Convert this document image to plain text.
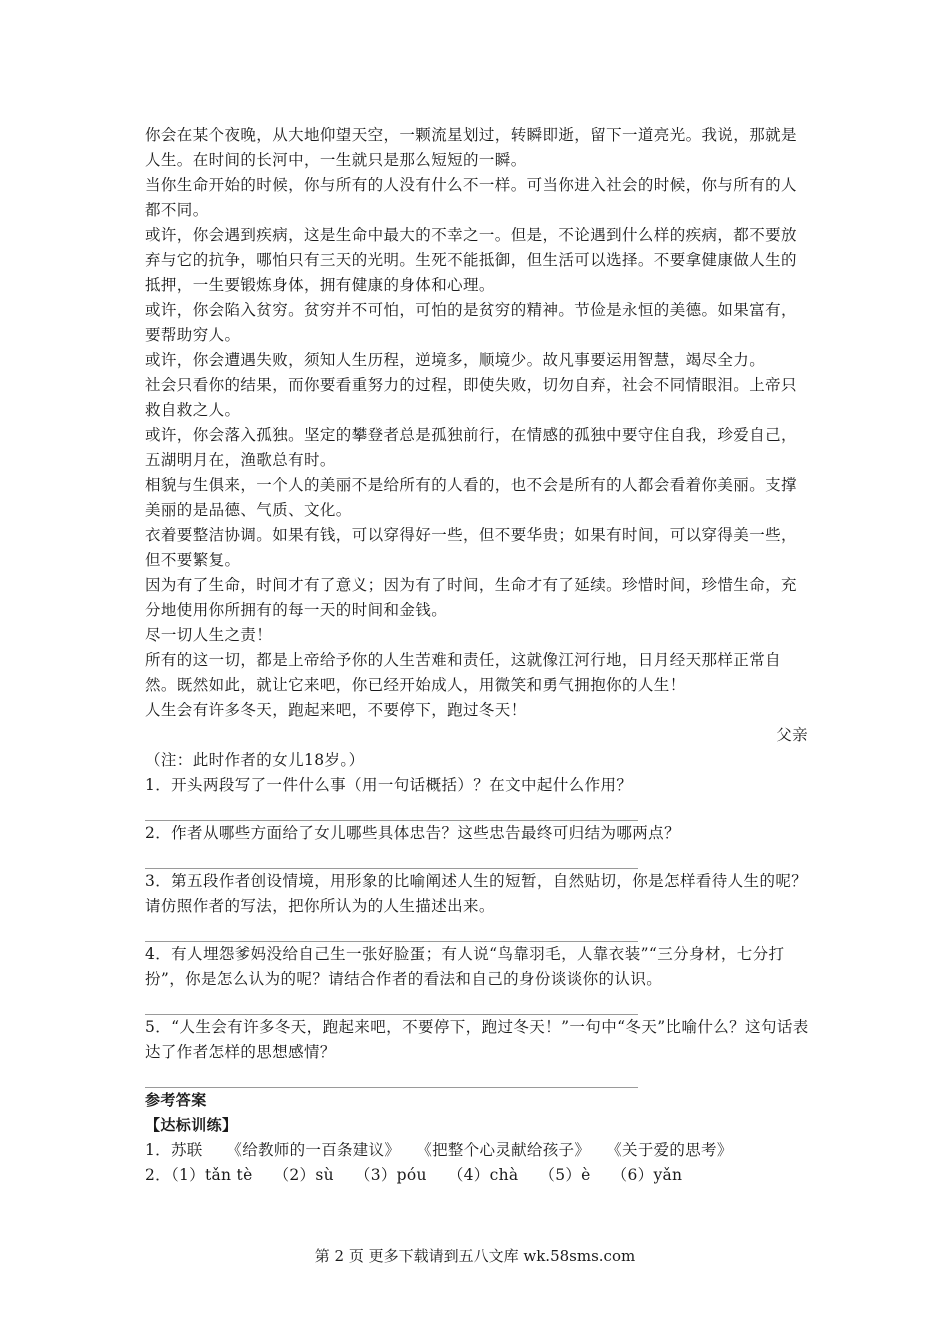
你会在某个夜晚，从大地仰望天空，一颗流星划过，转瞬即逝，留下一道亮光。我说，那就是人生。在时间的长河中，一生就只是那么短短的一瞬。

当你生命开始的时候，你与所有的人没有什么不一样。可当你进入社会的时候，你与所有的人都不同。

或许，你会遇到疾病，这是生命中最大的不幸之一。但是，不论遇到什么样的疾病，都不要放弃与它的抗争，哪怕只有三天的光明。生死不能抵御，但生活可以选择。不要拿健康做人生的抵押，一生要锻炼身体，拥有健康的身体和心理。

或许，你会陷入贫穷。贫穷并不可怕，可怕的是贫穷的精神。节俭是永恒的美德。如果富有，要帮助穷人。

或许，你会遭遇失败，须知人生历程，逆境多，顺境少。故凡事要运用智慧，竭尽全力。

社会只看你的结果，而你要看重努力的过程，即使失败，切勿自弃，社会不同情眼泪。上帝只救自救之人。

或许，你会落入孤独。坚定的攀登者总是孤独前行，在情感的孤独中要守住自我，珍爱自己，五湖明月在，渔歌总有时。

相貌与生俱来，一个人的美丽不是给所有的人看的，也不会是所有的人都会看着你美丽。支撑美丽的是品德、气质、文化。

衣着要整洁协调。如果有钱，可以穿得好一些，但不要华贵；如果有时间，可以穿得美一些，但不要繁复。

因为有了生命，时间才有了意义；因为有了时间，生命才有了延续。珍惜时间，珍惜生命，充分地使用你所拥有的每一天的时间和金钱。

尽一切人生之责！

所有的这一切，都是上帝给予你的人生苦难和责任，这就像江河行地，日月经天那样正常自然。既然如此，就让它来吧，你已经开始成人，用微笑和勇气拥抱你的人生！

人生会有许多冬天，跑起来吧，不要停下，跑过冬天！

父亲

（注：此时作者的女儿18岁。）

1．开头两段写了一件什么事（用一句话概括）？在文中起什么作用？

2．作者从哪些方面给了女儿哪些具体忠告？这些忠告最终可归结为哪两点？

3．第五段作者创设情境，用形象的比喻阐述人生的短暂，自然贴切，你是怎样看待人生的呢？请仿照作者的写法，把你所认为的人生描述出来。

4．有人埋怨爹妈没给自己生一张好脸蛋；有人说“鸟靠羽毛，人靠衣装”“三分身材，七分打扮”，你是怎么认为的呢？请结合作者的看法和自己的身份谈谈你的认识。

5．“人生会有许多冬天，跑起来吧，不要停下，跑过冬天！”一句中“冬天”比喻什么？这句话表达了作者怎样的思想感情？

参考答案

【达标训练】

1．苏联　　《给教师的一百条建议》　　《把整个心灵献给孩子》　　《关于爱的思考》

2．（1）tǎn tè　 （2）sù　 （3）póu　 （4）chà　 （5）è　 （6）yǎn

第 2 页 更多下载请到五八文库 wk.58sms.com
